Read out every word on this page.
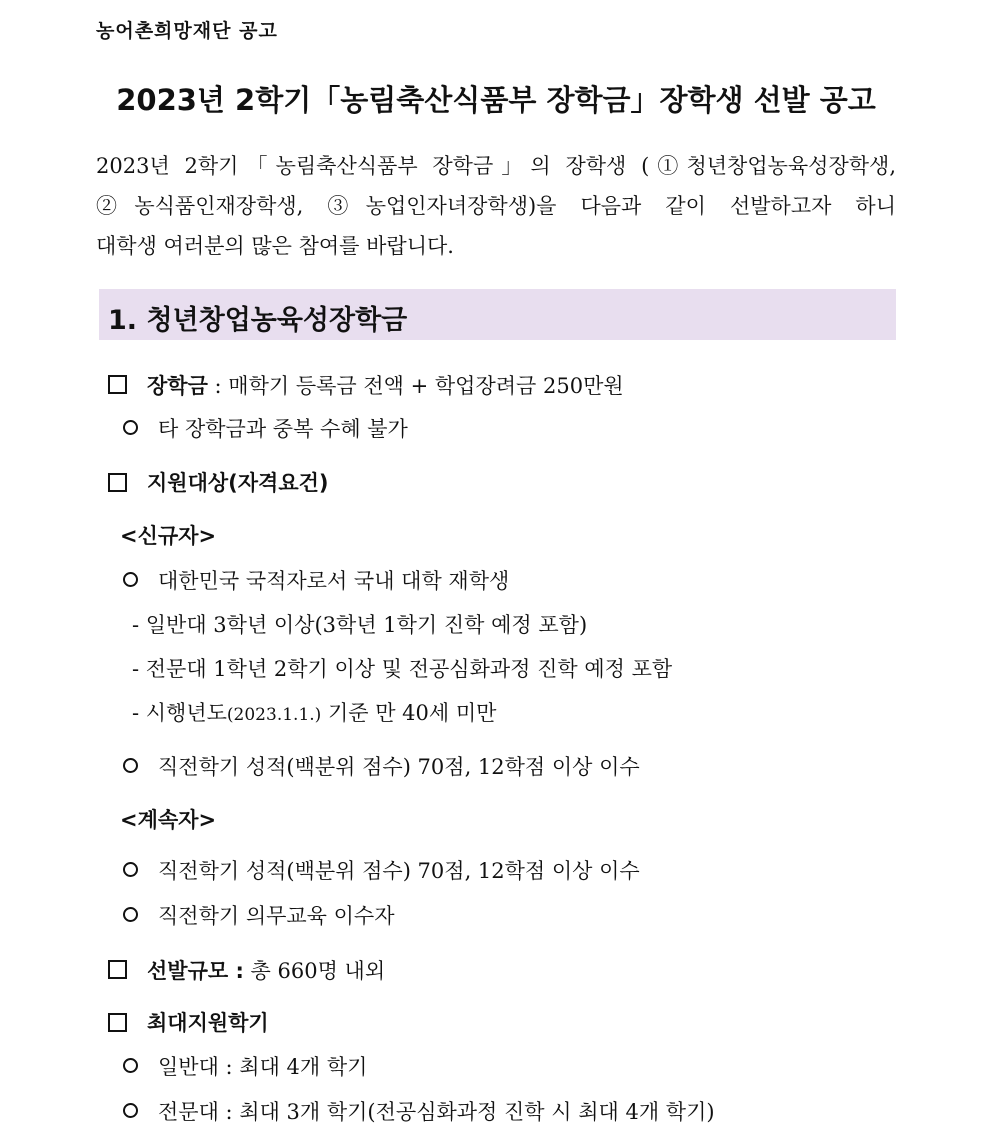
농어촌희망재단 공고
2023년 2학기「농림축산식품부 장학금」장학생 선발 공고

2023년 2학기「농림축산식품부 장학금」의 장학생 (①청년창업농육성장학생,

②농식품인재장학생, ③농업인자녀장학생)을 다음과 같이 선발하고자 하니

대학생 여러분의 많은 참여를 바랍니다.

1. 청년창업농육성장학금
장학금 : 매학기 등록금 전액 + 학업장려금 250만원
타 장학금과 중복 수혜 불가
지원대상(자격요건)
<신규자>
대한민국 국적자로서 국내 대학 재학생
- 일반대 3학년 이상(3학년 1학기 진학 예정 포함)
- 전문대 1학년 2학기 이상 및 전공심화과정 진학 예정 포함
- 시행년도(2023.1.1.) 기준 만 40세 미만
직전학기 성적(백분위 점수) 70점, 12학점 이상 이수
<계속자>
직전학기 성적(백분위 점수) 70점, 12학점 이상 이수
직전학기 의무교육 이수자
선발규모 : 총 660명 내외
최대지원학기
일반대 : 최대 4개 학기
전문대 : 최대 3개 학기(전공심화과정 진학 시 최대 4개 학기)
